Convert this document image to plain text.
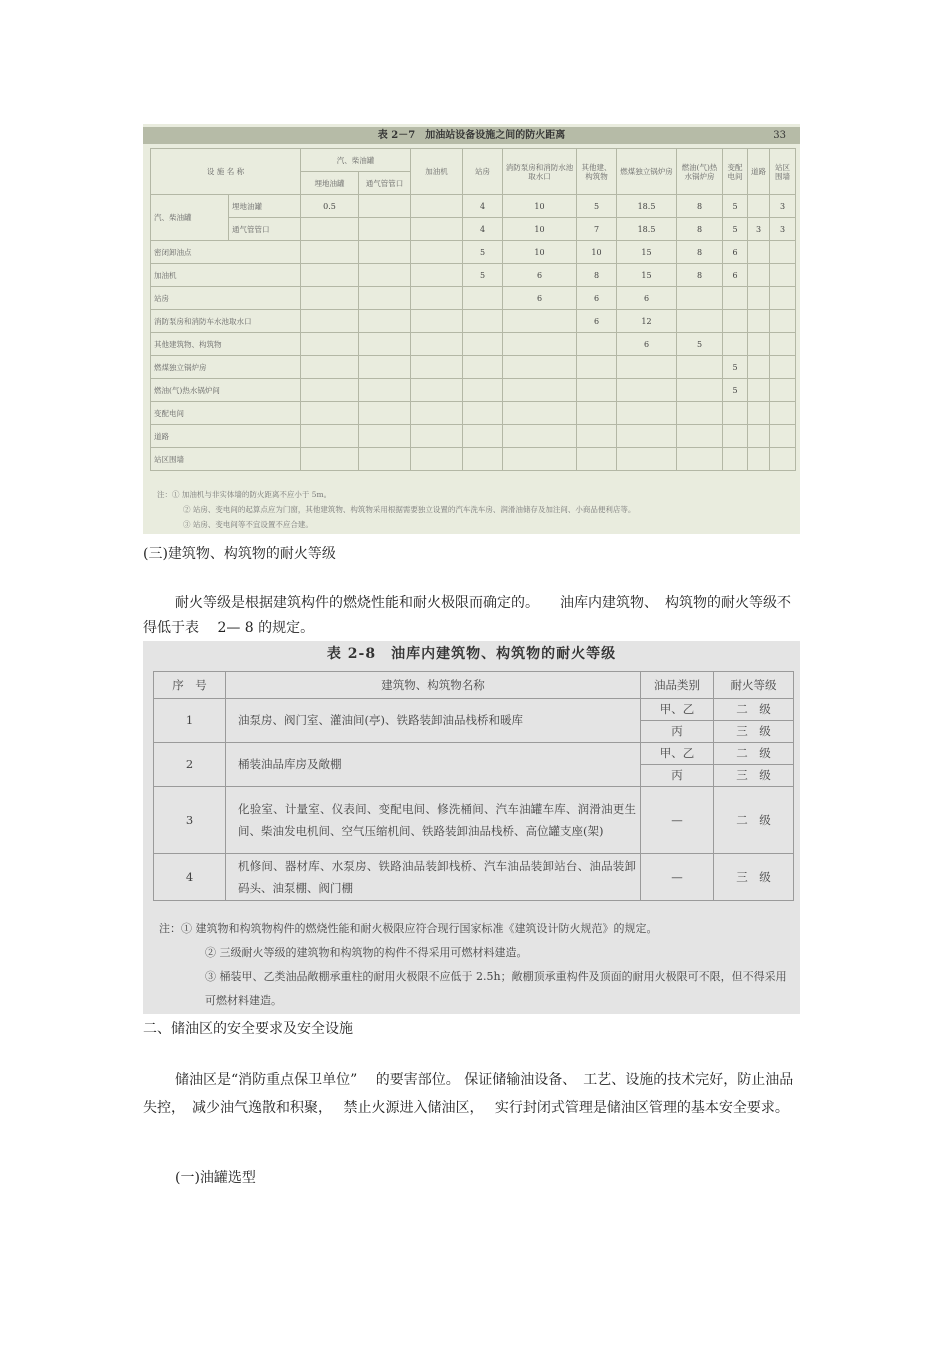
表 2－7　加油站设备设施之间的防火距离	33
设 施 名 称		汽、柴油罐		加油机	站房	消防泵房和消防水池取水口	其他建、构筑物	燃煤独立锅炉房	燃油(气)热水锅炉房	变配电间	道路	站区围墙
		埋地油罐	通气管管口									
汽、柴油罐	埋地油罐	0.5			4	10	5	18.5	8	5		3
	通气管管口				4	10	7	18.5	8	5	3	3
密闭卸油点					5	10	10	15	8	6		
加油机					5	6	8	15	8	6		
站房						6	6	6				
消防泵房和消防车水池取水口							6	12				
其他建筑物、构筑物								6	5			
燃煤独立锅炉房										5		
燃油(气)热水锅炉间										5		
变配电间												
道路												
站区围墙												
注：① 加油机与非实体墙的防火距离不应小于 5m。
② 站房、变电间的起算点应为门窗，其他建筑物、构筑物采用根据需要独立设置的汽车洗车房、润滑油储存及加注间、小商品便利店等。
③ 站房、变电间等不宜设置不应合建。

(三)建筑物、构筑物的耐火等级

耐火等级是根据建筑构件的燃烧性能和耐火极限而确定的。　　油库内建筑物、　构筑物的耐火等级不得低于表　 2— 8 的规定。

表 2-8　油库内建筑物、构筑物的耐火等级
序　号	建筑物、构筑物名称	油品类别	耐火等级
1	油泵房、阀门室、灌油间(亭)、铁路装卸油品栈桥和暖库	甲、乙	二　级
		丙	三　级
2	桶装油品库房及敞棚	甲、乙	二　级
		丙	三　级
3	化验室、计量室、仪表间、变配电间、修洗桶间、汽车油罐车库、润滑油更生间、柴油发电机间、空气压缩机间、铁路装卸油品栈桥、高位罐支座(架)	—	二　级
4	机修间、器材库、水泵房、铁路油品装卸栈桥、汽车油品装卸站台、油品装卸码头、油泵棚、阀门棚	—	三　级

注：① 建筑物和构筑物构件的燃烧性能和耐火极限应符合现行国家标准《建筑设计防火规范》的规定。

② 三级耐火等级的建筑物和构筑物的构件不得采用可燃材料建造。

③ 桶装甲、乙类油品敞棚承重柱的耐用火极限不应低于 2.5h；敞棚顶承重构件及顶面的耐用火极限可不限，但不得采用可燃材料建造。

二、储油区的安全要求及安全设施

储油区是“消防重点保卫单位”　 的要害部位。 保证储输油设备、　工艺、设施的技术完好，防止油品失控，　减少油气逸散和积聚，　 禁止火源进入储油区，　 实行封闭式管理是储油区管理的基本安全要求。

(一)油罐选型
